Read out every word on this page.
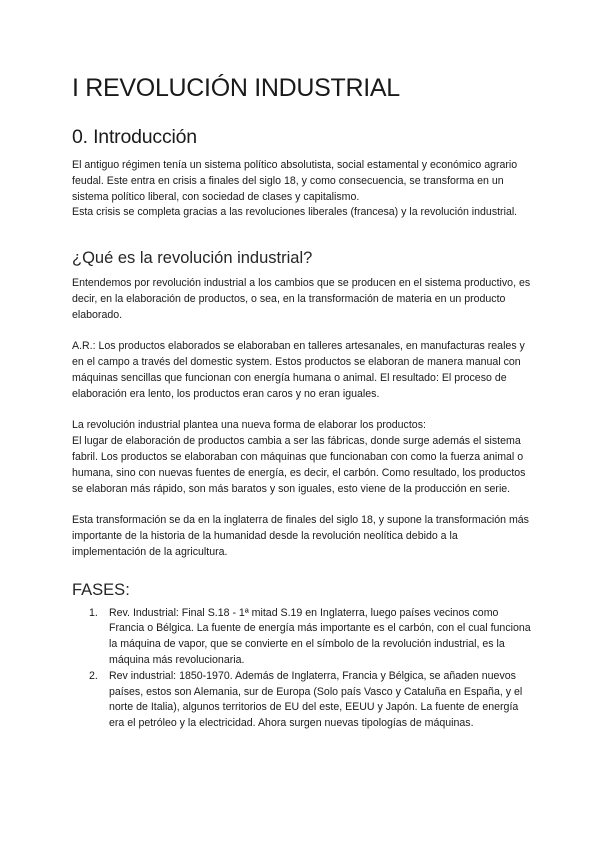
I REVOLUCIÓN INDUSTRIAL
0. Introducción

El antiguo régimen tenía un sistema político absolutista, social estamental y económico agrario feudal. Este entra en crisis a finales del siglo 18, y como consecuencia, se transforma en un sistema político liberal, con sociedad de clases y capitalismo.

Esta crisis se completa gracias a las revoluciones liberales (francesa) y la revolución industrial.

¿Qué es la revolución industrial?

Entendemos por revolución industrial a los cambios que se producen en el sistema productivo, es decir, en la elaboración de productos, o sea, en la transformación de materia en un producto elaborado.

A.R.: Los productos elaborados se elaboraban en talleres artesanales, en manufacturas reales y en el campo a través del domestic system. Estos productos se elaboran de manera manual con máquinas sencillas que funcionan con energía humana o animal. El resultado: El proceso de elaboración era lento, los productos eran caros y no eran iguales.

La revolución industrial plantea una nueva forma de elaborar los productos:

El lugar de elaboración de productos cambia a ser las fábricas, donde surge además el sistema fabril. Los productos se elaboraban con máquinas que funcionaban con como la fuerza animal o humana, sino con nuevas fuentes de energía, es decir, el carbón. Como resultado, los productos se elaboran más rápido, son más baratos y son iguales, esto viene de la producción en serie.

Esta transformación se da en la inglaterra de finales del siglo 18, y supone la transformación más importante de la historia de la humanidad desde la revolución neolítica debido a la implementación de la agricultura.

FASES:
1. Rev. Industrial: Final S.18 - 1ª mitad S.19 en Inglaterra, luego países vecinos como Francia o Bélgica. La fuente de energía más importante es el carbón, con el cual funciona la máquina de vapor, que se convierte en el símbolo de la revolución industrial, es la máquina más revolucionaria.
2. Rev industrial: 1850-1970. Además de Inglaterra, Francia y Bélgica, se añaden nuevos países, estos son Alemania, sur de Europa (Solo país Vasco y Cataluña en España, y el norte de Italia), algunos territorios de EU del este, EEUU y Japón. La fuente de energía era el petróleo y la electricidad. Ahora surgen nuevas tipologías de máquinas.
